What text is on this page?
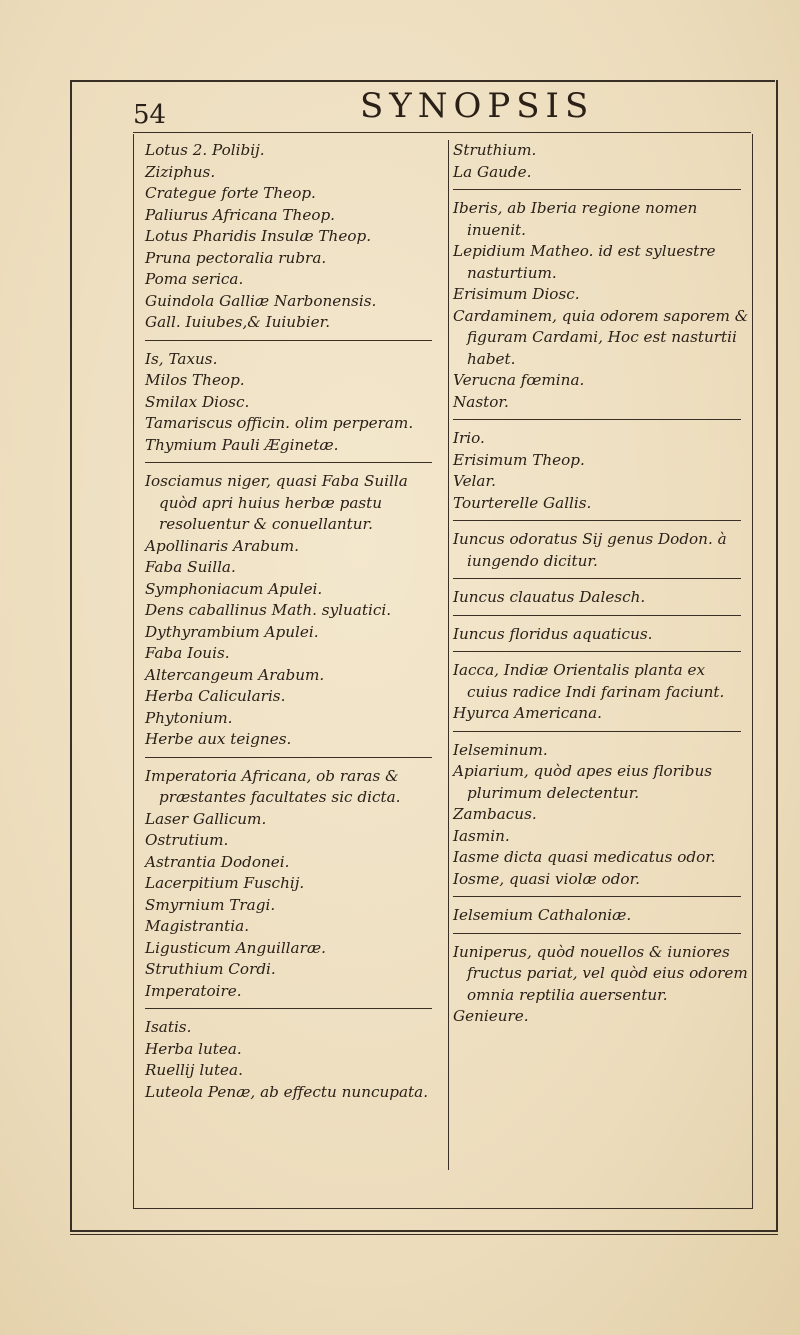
54	SYNOPSIS
Lotus 2. Polibij.
Ziziphus.
Crategue forte Theop.
Paliurus Africana Theop.
Lotus Pharidis Insulæ Theop.
Pruna pectoralia rubra.
Poma serica.
Guindola Galliæ Narbonensis.
Gall. Iuiubes,& Iuiubier.
Is, Taxus.
Milos Theop.
Smilax Diosc.
Tamariscus officin. olim perperam.
Thymium Pauli Æginetæ.
Iosciamus niger, quasi Faba Suilla quòd apri huius herbæ pastu resoluentur & conuellantur.
Apollinaris Arabum.
Faba Suilla.
Symphoniacum Apulei.
Dens caballinus Math. syluatici.
Dythyrambium Apulei.
Faba Iouis.
Altercangeum Arabum.
Herba Calicularis.
Phytonium.
Herbe aux teignes.
Imperatoria Africana, ob raras & præstantes facultates sic dicta.
Laser Gallicum.
Ostrutium.
Astrantia Dodonei.
Lacerpitium Fuschij.
Smyrnium Tragi.
Magistrantia.
Ligusticum Anguillaræ.
Struthium Cordi.
Imperatoire.
Isatis.
Herba lutea.
Ruellij lutea.
Luteola Penæ, ab effectu nuncupata.
Struthium.
La Gaude.
Iberis, ab Iberia regione nomen inuenit.
Lepidium Matheo. id est syluestre nasturtium.
Erisimum Diosc.
Cardaminem, quia odorem saporem & figuram Cardami, Hoc est nasturtii habet.
Verucna fœmina.
Nastor.
Irio.
Erisimum Theop.
Velar.
Tourterelle Gallis.
Iuncus odoratus Sij genus Dodon. à iungendo dicitur.
Iuncus clauatus Dalesch.
Iuncus floridus aquaticus.
Iacca, Indiæ Orientalis planta ex cuius radice Indi farinam faciunt.
Hyurca Americana.
Ielseminum.
Apiarium, quòd apes eius floribus plurimum delectentur.
Zambacus.
Iasmin.
Iasme dicta quasi medicatus odor.
Iosme, quasi violæ odor.
Ielsemium Cathaloniæ.
Iuniperus, quòd nouellos & iuniores fructus pariat, vel quòd eius odorem omnia reptilia auersentur.
Genieure.
